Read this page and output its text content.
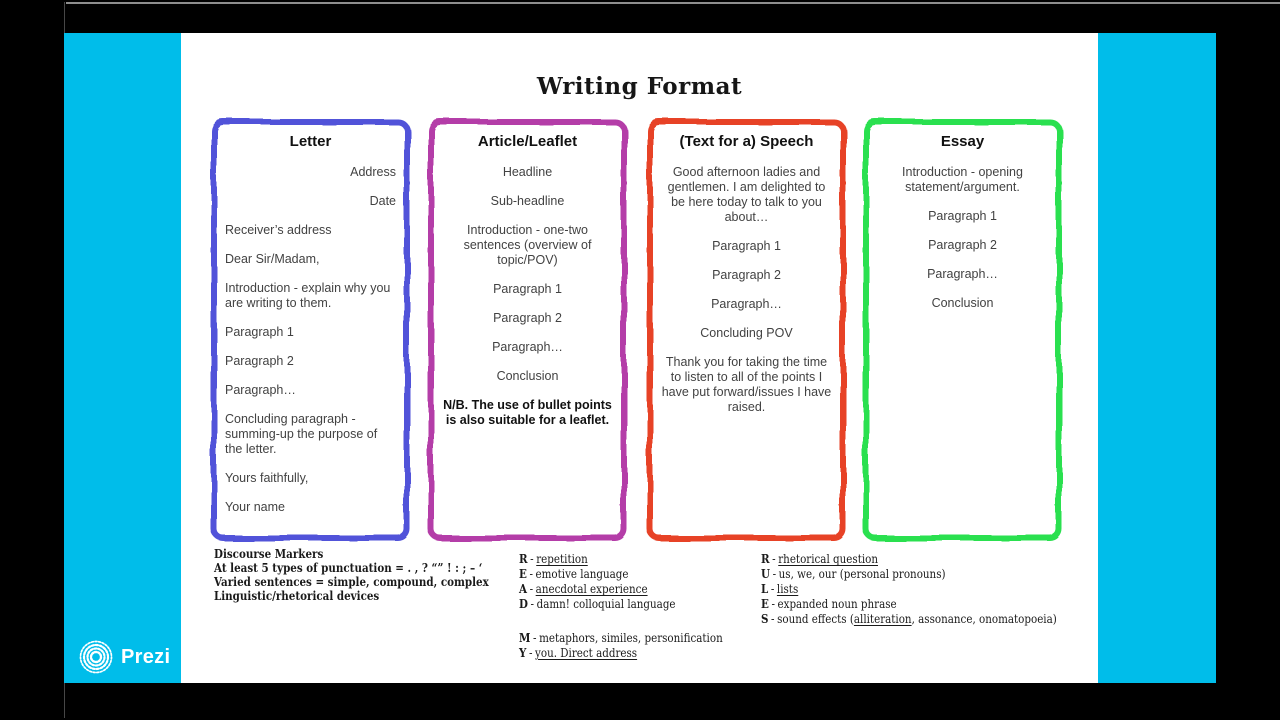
Writing Format
Letter

Address

Date

Receiver’s address

Dear Sir/Madam,

Introduction - explain why you are writing to them.

Paragraph 1

Paragraph 2

Paragraph…

Concluding paragraph - summing-up the purpose of the letter.

Yours faithfully,

Your name

Article/Leaflet

Headline

Sub-headline

Introduction - one-two sentences (overview of topic/POV)

Paragraph 1

Paragraph 2

Paragraph…

Conclusion

N/B. The use of bullet points is also suitable for a leaflet.

(Text for a) Speech

Good afternoon ladies and gentlemen. I am delighted to be here today to talk to you about…

Paragraph 1

Paragraph 2

Paragraph…

Concluding POV

Thank you for taking the time to listen to all of the points I have put forward/issues I have raised.

Essay

Introduction - opening statement/argument.

Paragraph 1

Paragraph 2

Paragraph…

Conclusion

Discourse Markers
At least 5 types of punctuation = . , ? “” ! : ; – ‘
Varied sentences = simple, compound, complex
Linguistic/rhetorical devices
R - repetition
E - emotive language
A - anecdotal experience
D - damn! colloquial language
M - metaphors, similes, personification
Y - you. Direct address
R - rhetorical question
U - us, we, our (personal pronouns)
L - lists
E - expanded noun phrase
S - sound effects (alliteration, assonance, onomatopoeia)
Prezi
